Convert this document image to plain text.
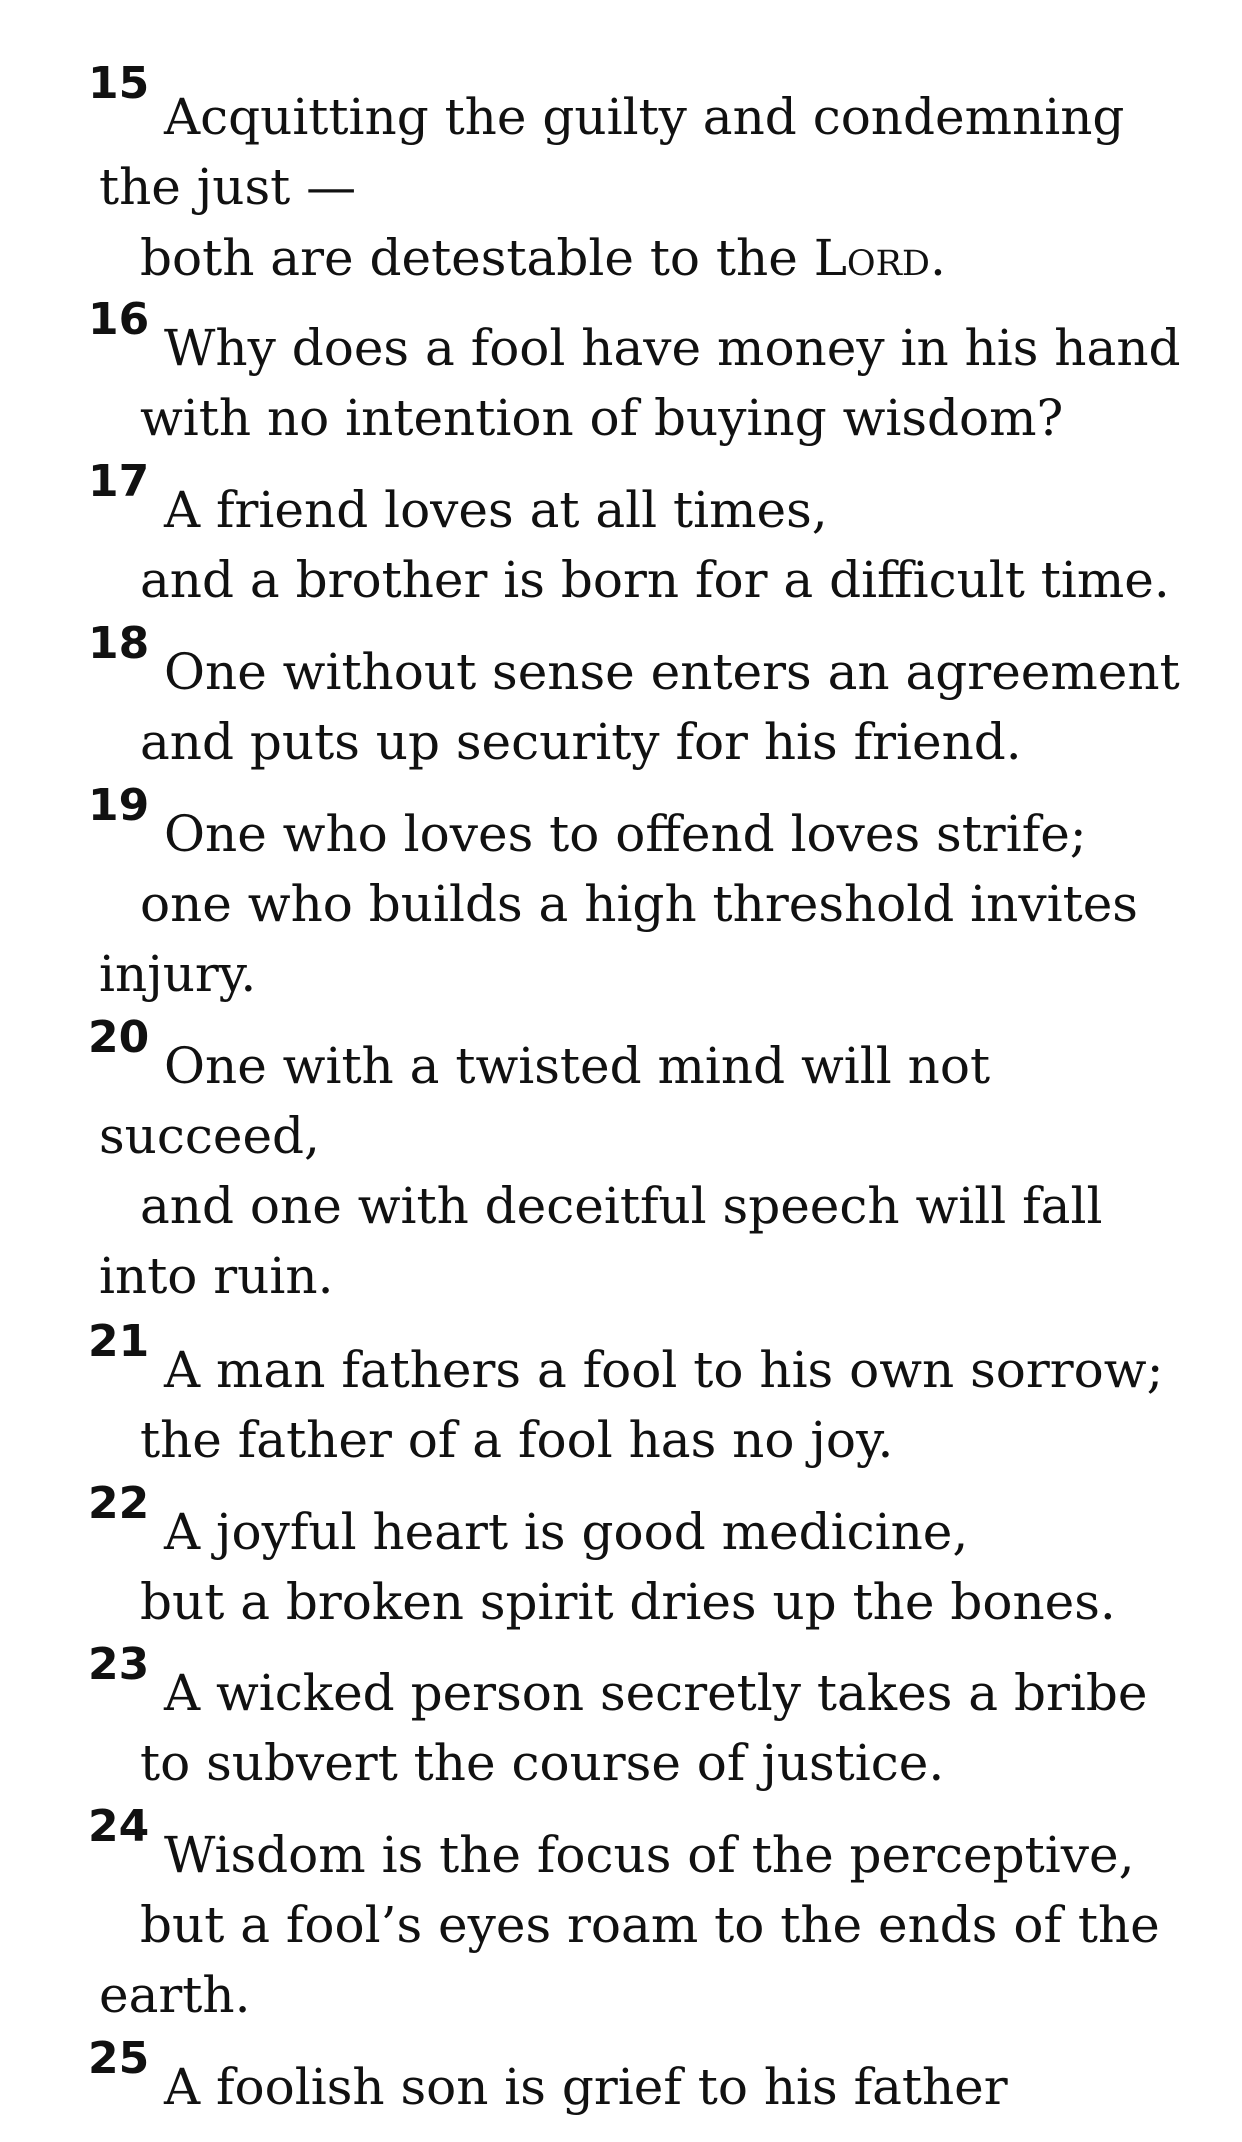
15
Acquitting the guilty and condemning
the just —
both are detestable to the Lord.
16 Why does a fool have money in his hand
with no intention of buying wisdom?
17 A friend loves at all times,
and a brother is born for a difficult time.
18 One without sense enters an agreement
and puts up security for his friend.
19 One who loves to offend loves strife;
one who builds a high threshold invites
injury.
20 One with a twisted mind will not
succeed,
and one with deceitful speech will fall
into ruin.
21 A man fathers a fool to his own sorrow;
the father of a fool has no joy.
22 A joyful heart is good medicine,
but a broken spirit dries up the bones.
23 A wicked person secretly takes a bribe
to subvert the course of justice.
24 Wisdom is the focus of the perceptive,
but a fool’s eyes roam to the ends of the
earth.
25 A foolish son is grief to his father
